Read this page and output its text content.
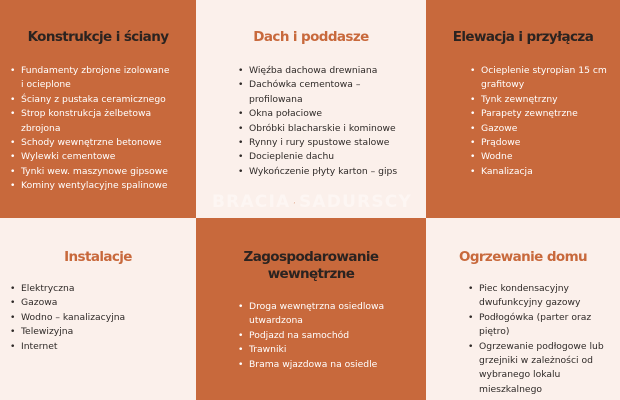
Konstrukcje i ściany
• Fundamenty zbrojone izolowane
i ocieplone
• Ściany z pustaka ceramicznego
• Strop konstrukcja żelbetowa
zbrojona
• Schody wewnętrzne betonowe
• Wylewki cementowe
• Tynki wew. maszynowe gipsowe
• Kominy wentylacyjne spalinowe
Dach i poddasze
• Więźba dachowa drewniana
• Dachówka cementowa –
profilowana
• Okna połaciowe
• Obróbki blacharskie i kominowe
• Rynny i rury spustowe stalowe
• Docieplenie dachu
• Wykończenie płyty karton – gips
Elewacja i przyłącza
• Ocieplenie styropian 15 cm
grafitowy
• Tynk zewnętrzny
• Parapety zewnętrzne
• Gazowe
• Prądowe
• Wodne
• Kanalizacja
Instalacje
• Elektryczna
• Gazowa
• Wodno – kanalizacyjna
• Telewizyjna
• Internet
Zagospodarowanie
wewnętrzne
• Droga wewnętrzna osiedlowa
utwardzona
• Podjazd na samochód
• Trawniki
• Brama wjazdowa na osiedle
Ogrzewanie domu
• Piec kondensacyjny
dwufunkcyjny gazowy
• Podłogówka (parter oraz piętro)
• Ogrzewanie podłogowe lub
grzejniki w zależności od
wybranego lokalu mieszkalnego
BRACIA SADURSCY
